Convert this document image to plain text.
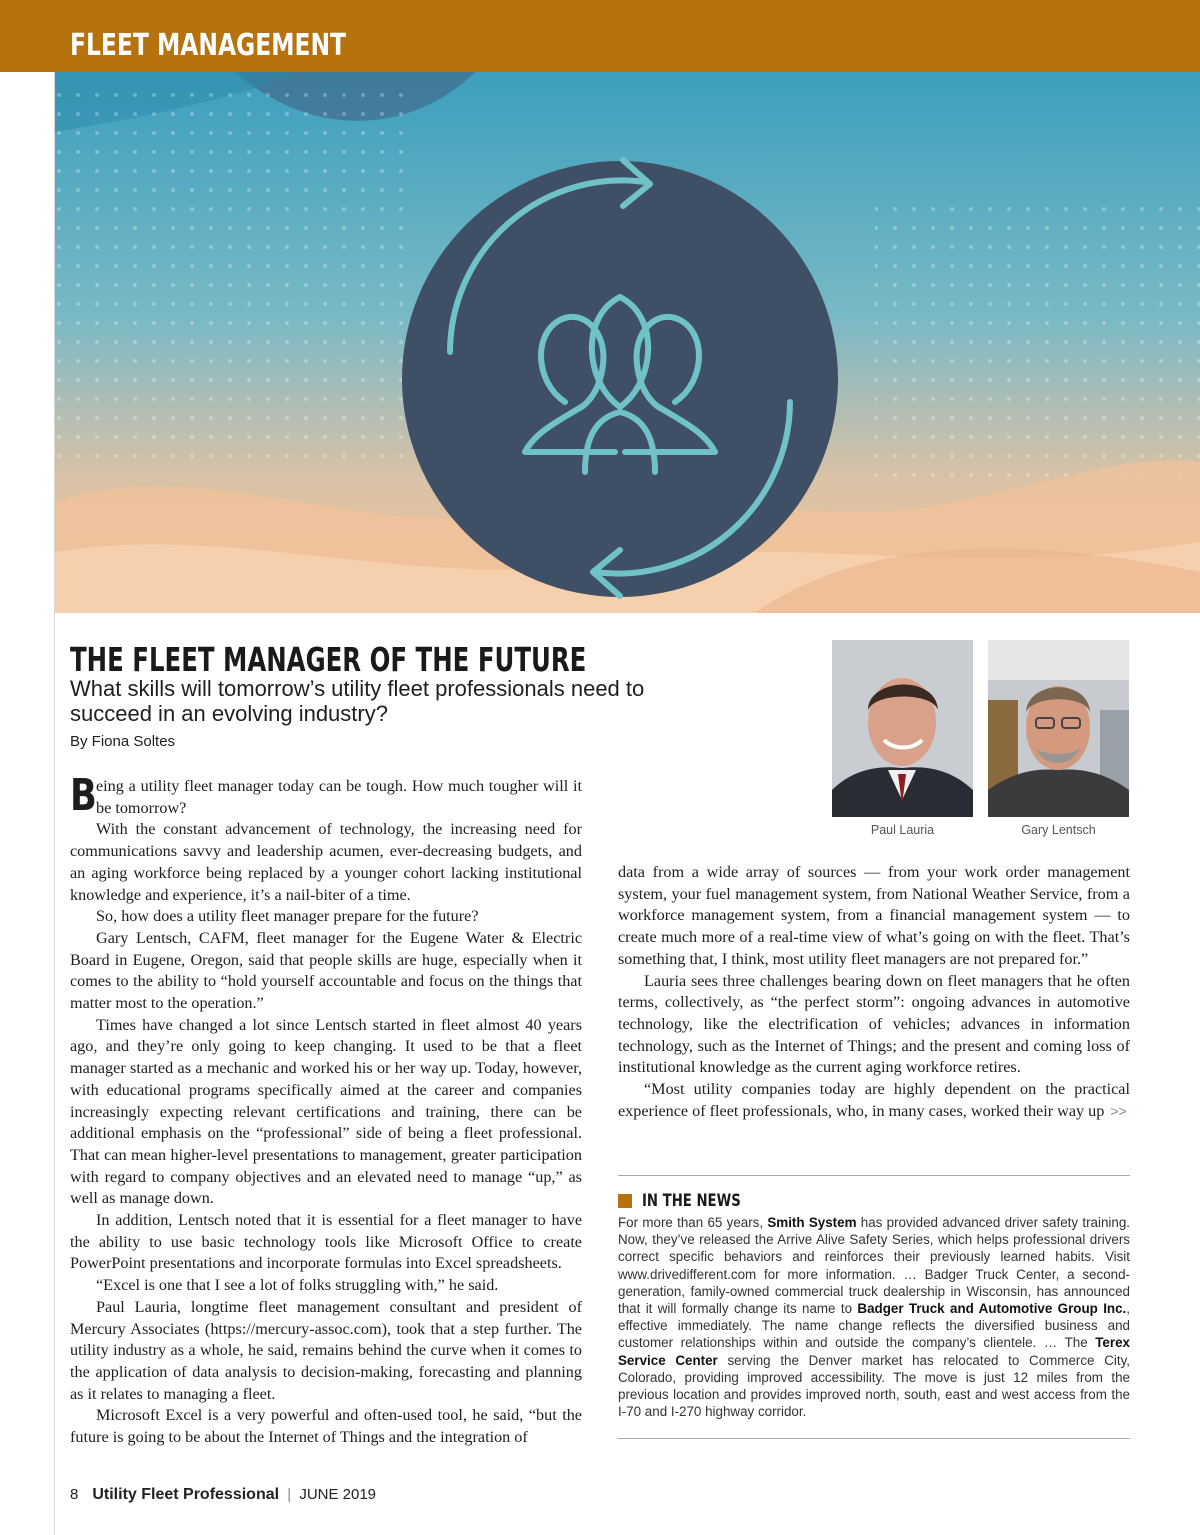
FLEET MANAGEMENT
THE FLEET MANAGER OF THE FUTURE
What skills will tomorrow’s utility fleet professionals need to succeed in an evolving industry?
By Fiona Soltes
Paul Lauria	Gary Lentsch

Being a utility fleet manager today can be tough. How much tougher will it be tomorrow?

With the constant advancement of technology, the increasing need for communications savvy and leadership acumen, ever-decreasing budgets, and an aging workforce being replaced by a younger cohort lacking institutional knowledge and experience, it’s a nail-biter of a time.

So, how does a utility fleet manager prepare for the future?

Gary Lentsch, CAFM, fleet manager for the Eugene Water & Electric Board in Eugene, Oregon, said that people skills are huge, especially when it comes to the ability to “hold yourself accountable and focus on the things that matter most to the operation.”

Times have changed a lot since Lentsch started in fleet almost 40 years ago, and they’re only going to keep changing. It used to be that a fleet manager started as a mechanic and worked his or her way up. Today, however, with educational programs specifically aimed at the career and companies increasingly expecting relevant certifications and training, there can be additional emphasis on the “professional” side of being a fleet professional. That can mean higher-level presentations to management, greater participation with regard to company objectives and an elevated need to manage “up,” as well as manage down.

In addition, Lentsch noted that it is essential for a fleet manager to have the ability to use basic technology tools like Microsoft Office to create PowerPoint presentations and incorporate formulas into Excel spreadsheets.

“Excel is one that I see a lot of folks struggling with,” he said.

Paul Lauria, longtime fleet management consultant and president of Mercury Associates (https://mercury-assoc.com), took that a step further. The utility industry as a whole, he said, remains behind the curve when it comes to the application of data analysis to decision-making, forecasting and planning as it relates to managing a fleet.

Microsoft Excel is a very powerful and often-used tool, he said, “but the future is going to be about the Internet of Things and the integration of

data from a wide array of sources — from your work order management system, your fuel management system, from National Weather Service, from a workforce management system, from a financial management system — to create much more of a real-time view of what’s going on with the fleet. That’s something that, I think, most utility fleet managers are not prepared for.”

Lauria sees three challenges bearing down on fleet managers that he often terms, collectively, as “the perfect storm”: ongoing advances in automotive technology, like the electrification of vehicles; advances in information technology, such as the Internet of Things; and the present and coming loss of institutional knowledge as the current aging workforce retires.

“Most utility companies today are highly dependent on the practical experience of fleet professionals, who, in many cases, worked their way up >>

IN THE NEWS
For more than 65 years, Smith System has provided advanced driver safety training. Now, they’ve released the Arrive Alive Safety Series, which helps professional drivers correct specific behaviors and reinforces their previously learned habits. Visit www.drivedifferent.com for more information. … Badger Truck Center, a second-generation, family-owned commercial truck dealership in Wisconsin, has announced that it will formally change its name to Badger Truck and Automotive Group Inc., effective immediately. The name change reflects the diversified business and customer relationships within and outside the company’s clientele. … The Terex Service Center serving the Denver market has relocated to Commerce City, Colorado, providing improved accessibility. The move is just 12 miles from the previous location and provides improved north, south, east and west access from the I-70 and I-270 highway corridor.
8 Utility Fleet Professional | JUNE 2019
